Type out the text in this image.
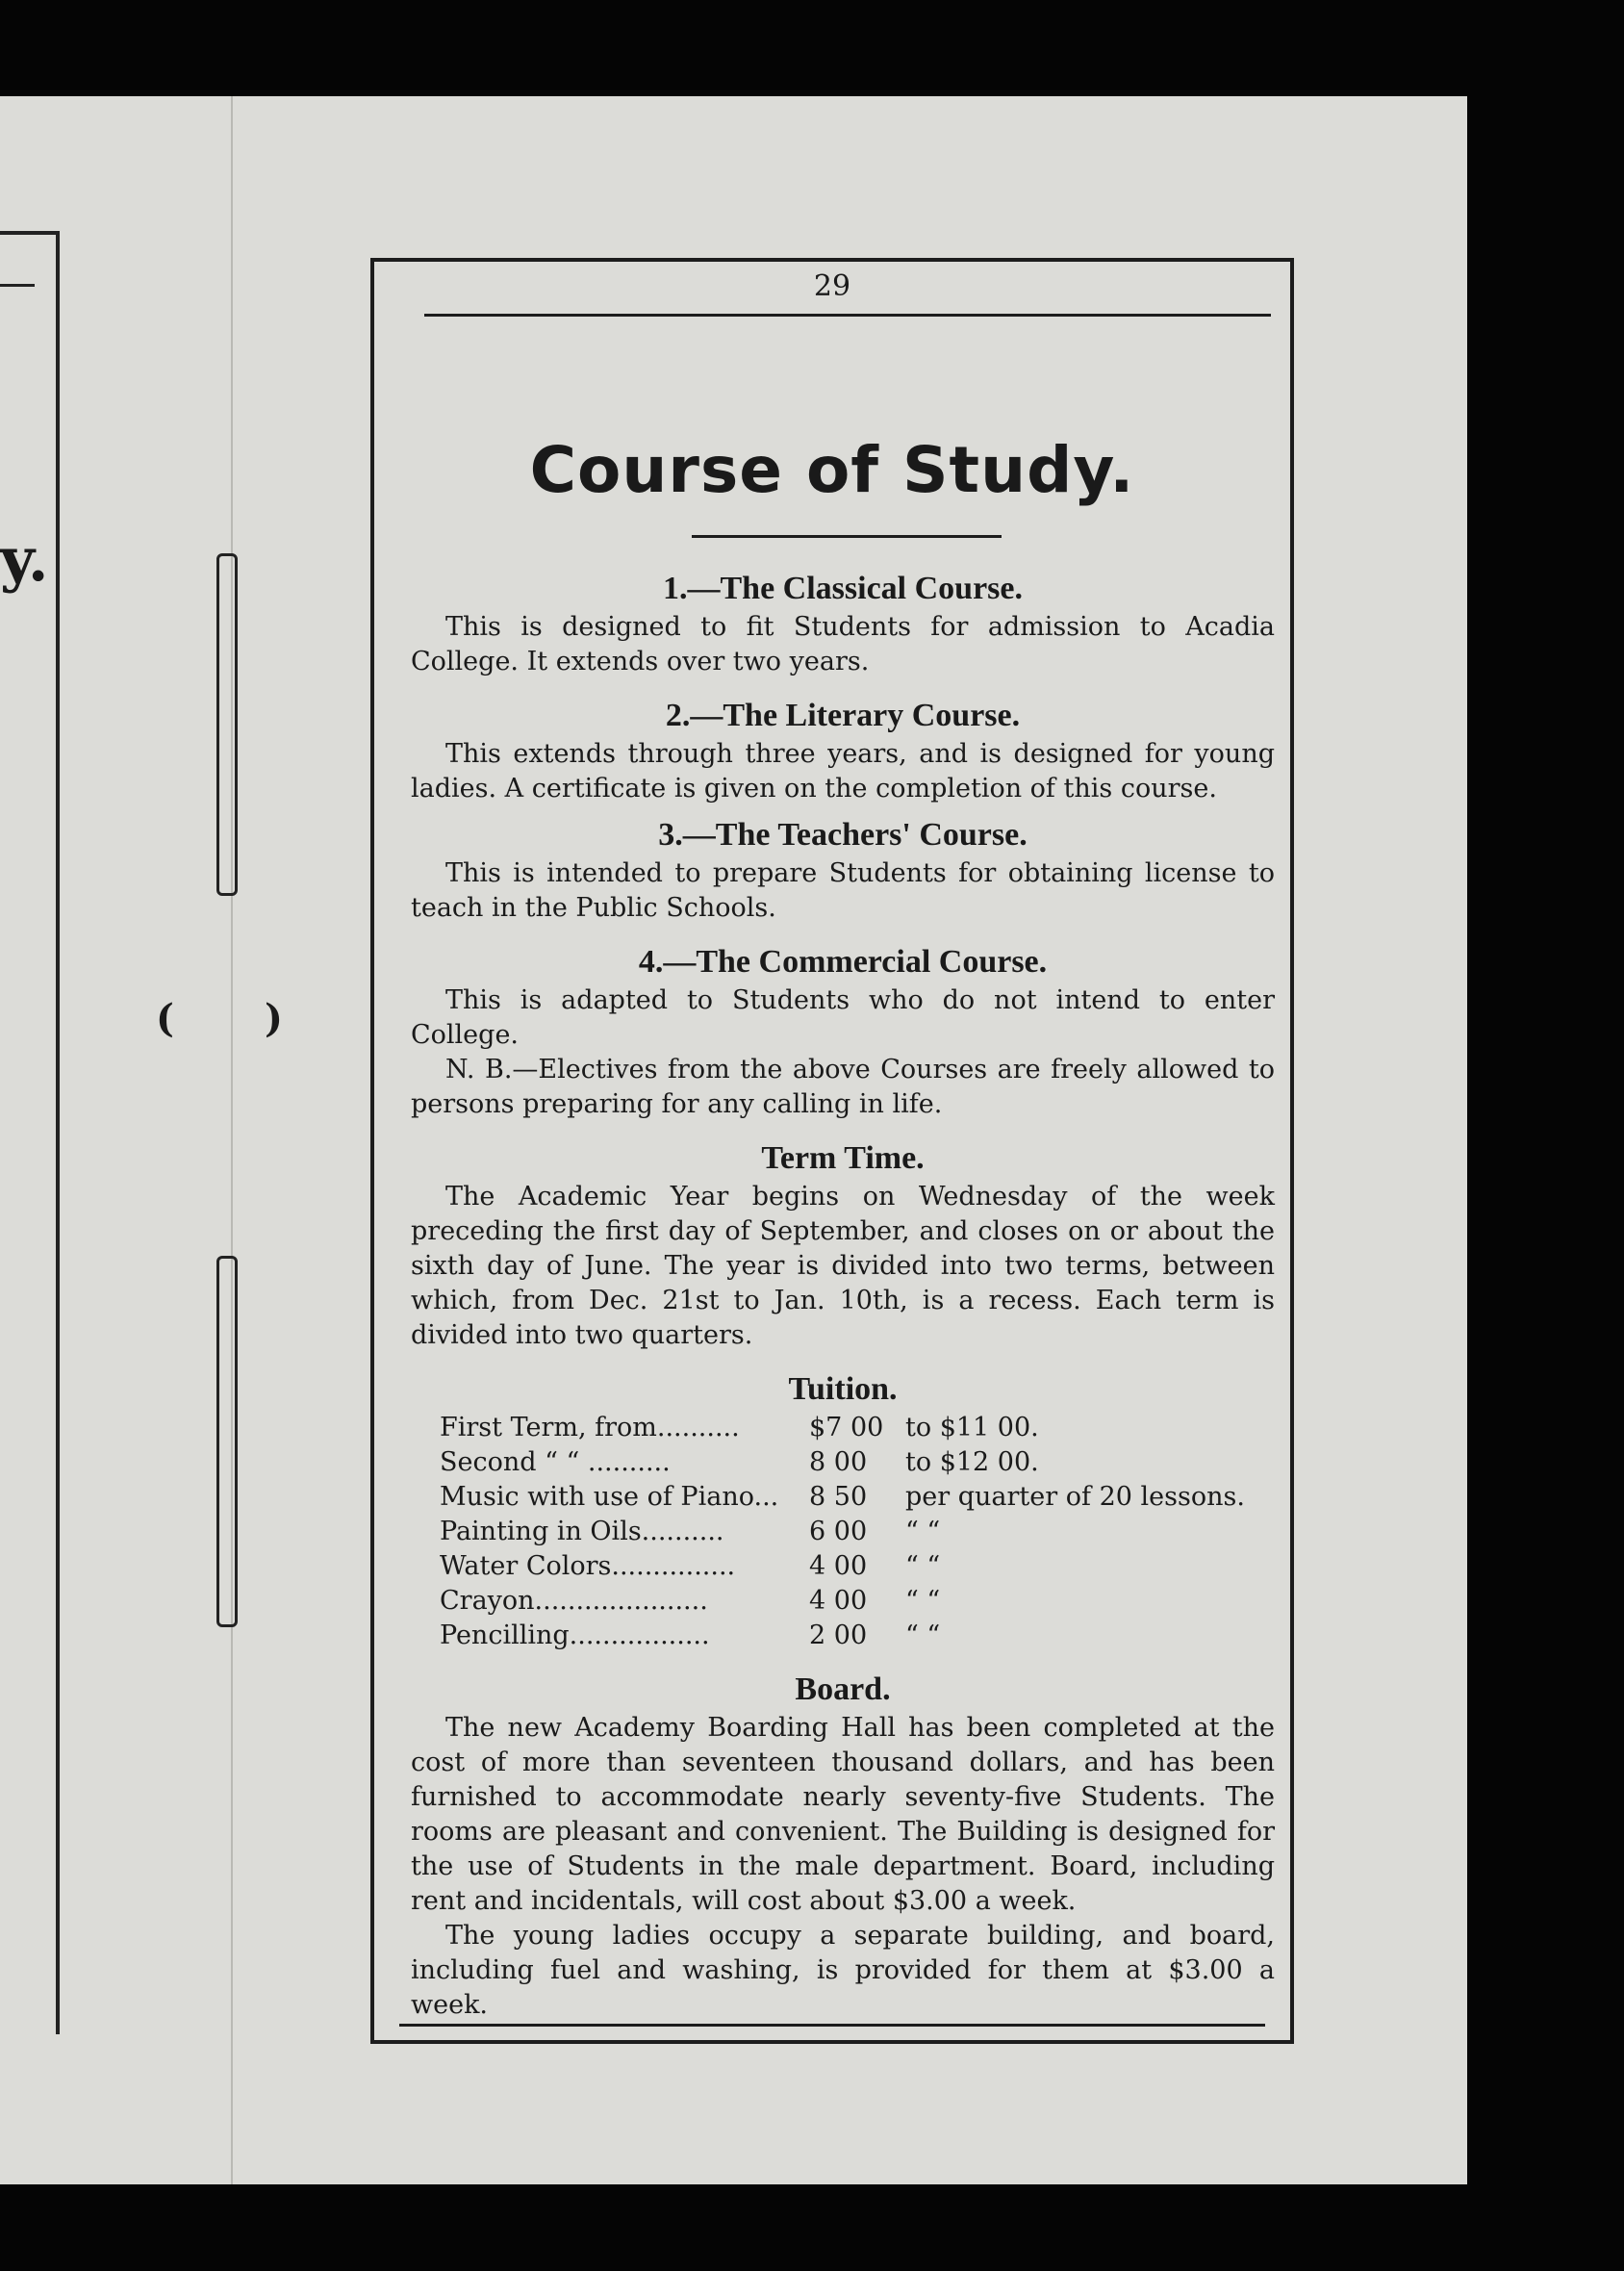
y.
( )
29
Course of Study.
1.—The Classical Course.

This is designed to fit Students for admission to Acadia College. It extends over two years.

2.—The Literary Course.

This extends through three years, and is designed for young ladies. A certificate is given on the completion of this course.

3.—The Teachers' Course.

This is intended to prepare Students for obtaining license to teach in the Public Schools.

4.—The Commercial Course.

This is adapted to Students who do not intend to enter College.

N. B.—Electives from the above Courses are freely allowed to persons preparing for any calling in life.

Term Time.

The Academic Year begins on Wednesday of the week preceding the first day of September, and closes on or about the sixth day of June. The year is divided into two terms, between which, from Dec. 21st to Jan. 10th, is a recess. Each term is divided into two quarters.

Tuition.
First Term, from..........	$7 00	to $11 00.
Second “ “ ..........	8 00	to $12 00.
Music with use of Piano...	8 50	per quarter of 20 lessons.
Painting in Oils..........	6 00	“ “
Water Colors...............	4 00	“ “
Crayon.....................	4 00	“ “
Pencilling.................	2 00	“ “
Board.

The new Academy Boarding Hall has been completed at the cost of more than seventeen thousand dollars, and has been furnished to accommodate nearly seventy-five Students. The rooms are pleasant and convenient. The Building is designed for the use of Students in the male department. Board, including rent and incidentals, will cost about $3.00 a week.

The young ladies occupy a separate building, and board, including fuel and washing, is provided for them at $3.00 a week.
